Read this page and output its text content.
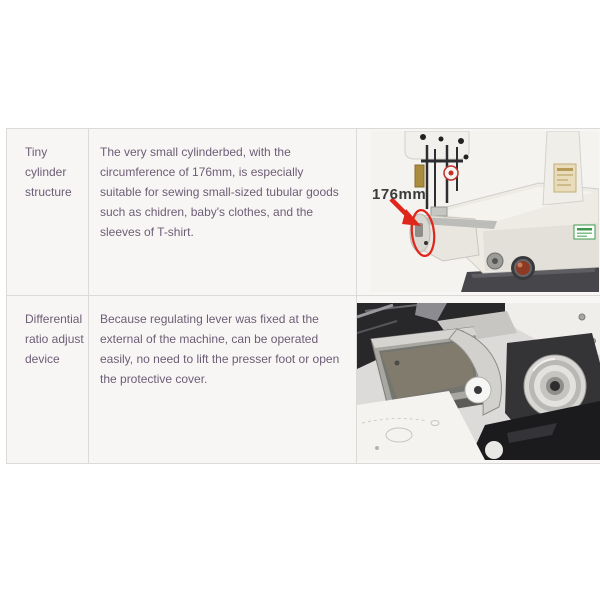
Tiny cylinder structure
The very small cylinderbed, with the circumference of 176mm, is especially suitable for sewing small-sized tubular goods such as chidren, baby's clothes, and the sleeves of T-shirt.
176mm
Differential ratio adjust device
Because regulating lever was fixed at the external of the machine, can be operated easily, no need to lift the presser foot or open the protective cover.
